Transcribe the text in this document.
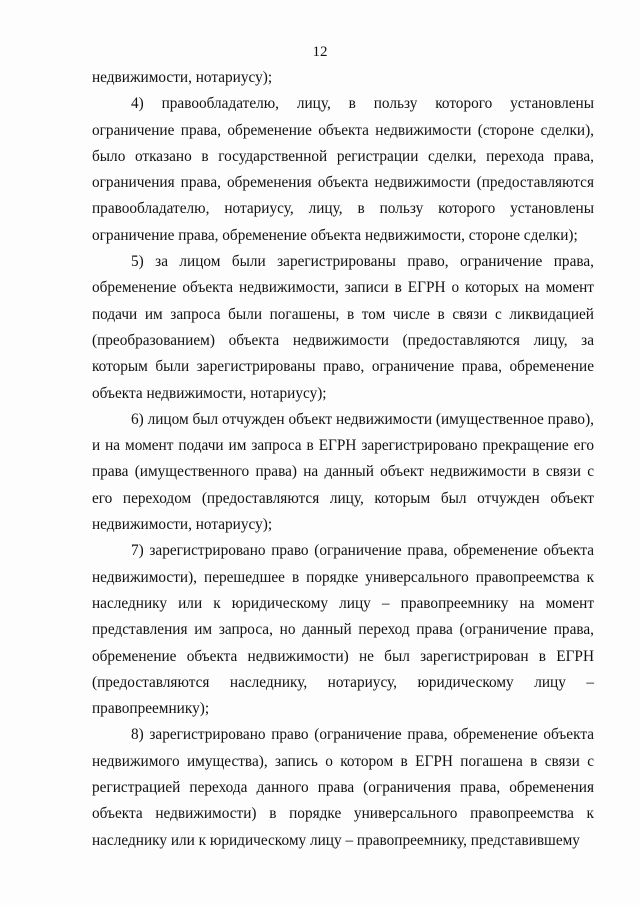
12

недвижимости, нотариусу);

4) правообладателю, лицу, в пользу которого установлены ограничение права, обременение объекта недвижимости (стороне сделки), было отказано в государственной регистрации сделки, перехода права, ограничения права, обременения объекта недвижимости (предоставляются правообладателю, нотариусу, лицу, в пользу которого установлены ограничение права, обременение объекта недвижимости, стороне сделки);

5) за лицом были зарегистрированы право, ограничение права, обременение объекта недвижимости, записи в ЕГРН о которых на момент подачи им запроса были погашены, в том числе в связи с ликвидацией (преобразованием) объекта недвижимости (предоставляются лицу, за которым были зарегистрированы право, ограничение права, обременение объекта недвижимости, нотариусу);

6) лицом был отчужден объект недвижимости (имущественное право), и на момент подачи им запроса в ЕГРН зарегистрировано прекращение его права (имущественного права) на данный объект недвижимости в связи с его переходом (предоставляются лицу, которым был отчужден объект недвижимости, нотариусу);

7) зарегистрировано право (ограничение права, обременение объекта недвижимости), перешедшее в порядке универсального правопреемства к наследнику или к юридическому лицу – правопреемнику на момент представления им запроса, но данный переход права (ограничение права, обременение объекта недвижимости) не был зарегистрирован в ЕГРН (предоставляются наследнику, нотариусу, юридическому лицу – правопреемнику);

8) зарегистрировано право (ограничение права, обременение объекта недвижимого имущества), запись о котором в ЕГРН погашена в связи с регистрацией перехода данного права (ограничения права, обременения объекта недвижимости) в порядке универсального правопреемства к наследнику или к юридическому лицу – правопреемнику, представившему
